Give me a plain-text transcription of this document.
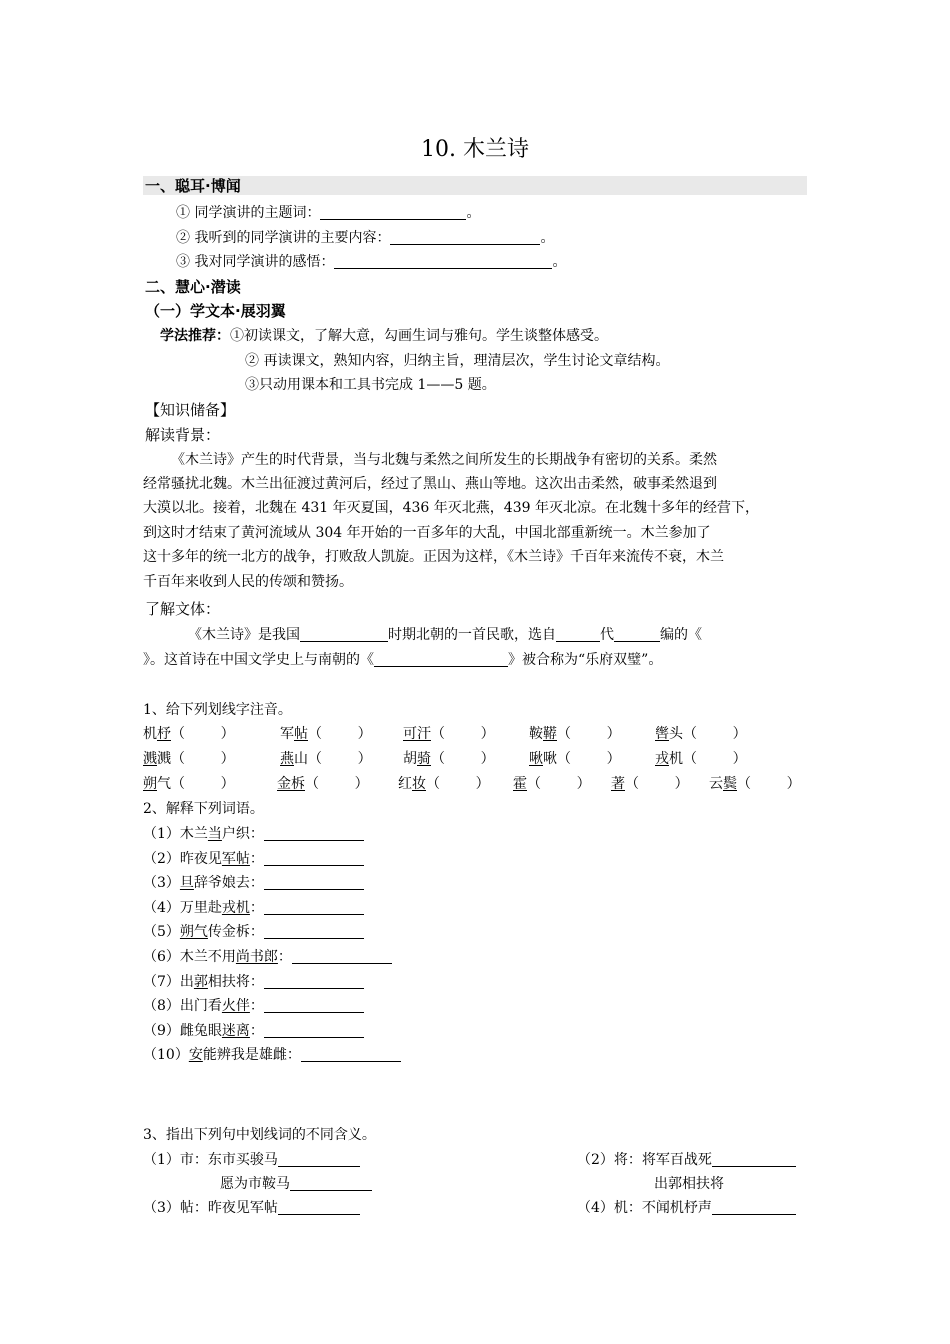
10. 木兰诗
一、聪耳·博闻
① 同学演讲的主题词：	。
② 我听到的同学演讲的主要内容：	。
③ 我对同学演讲的感悟：	。
二、慧心·潜读
（一）学文本·展羽翼
学法推荐：①初读课文，了解大意，勾画生词与雅句。学生谈整体感受。
② 再读课文，熟知内容，归纳主旨，理清层次，学生讨论文章结构。
③只动用课本和工具书完成 1——5 题。
【知识储备】
解读背景：
《木兰诗》产生的时代背景，当与北魏与柔然之间所发生的长期战争有密切的关系。柔然
经常骚扰北魏。木兰出征渡过黄河后，经过了黑山、燕山等地。这次出击柔然，破事柔然退到
大漠以北。接着，北魏在 431 年灭夏国，436 年灭北燕，439 年灭北凉。在北魏十多年的经营下，
到这时才结束了黄河流域从 304 年开始的一百多年的大乱，中国北部重新统一。木兰参加了
这十多年的统一北方的战争，打败敌人凯旋。正因为这样，《木兰诗》千百年来流传不衰，木兰
千百年来收到人民的传颂和赞扬。
了解文体：
《木兰诗》是我国	时期北朝的一首民歌，选自	代	编的《
》。这首诗在中国文学史上与南朝的《	》被合称为“乐府双璧”。
1、给下列划线字注音。
机杼（        ）	军帖（        ） 可汗（        ） 鞍鞯（        ） 辔头（        ）
溅溅（        ）	燕山（        ） 胡骑（        ） 啾啾（        ） 戎机（        ）
朔气（        ）	金柝（        ） 红妆（        ） 霍（        ） 著（        ） 云鬓（        ）
2、解释下列词语。
（1）木兰当户织：
（2）昨夜见军帖：
（3）旦辞爷娘去：
（4）万里赴戎机：
（5）朔气传金柝：
（6）木兰不用尚书郎：
（7）出郭相扶将：
（8）出门看火伴：
（9）雌兔眼迷离：
（10）安能辨我是雄雌：
3、指出下列句中划线词的不同含义。
（1）市：东市买骏马
愿为市鞍马
（3）帖：昨夜见军帖
（2）将：将军百战死
出郭相扶将
（4）机：不闻机杼声
